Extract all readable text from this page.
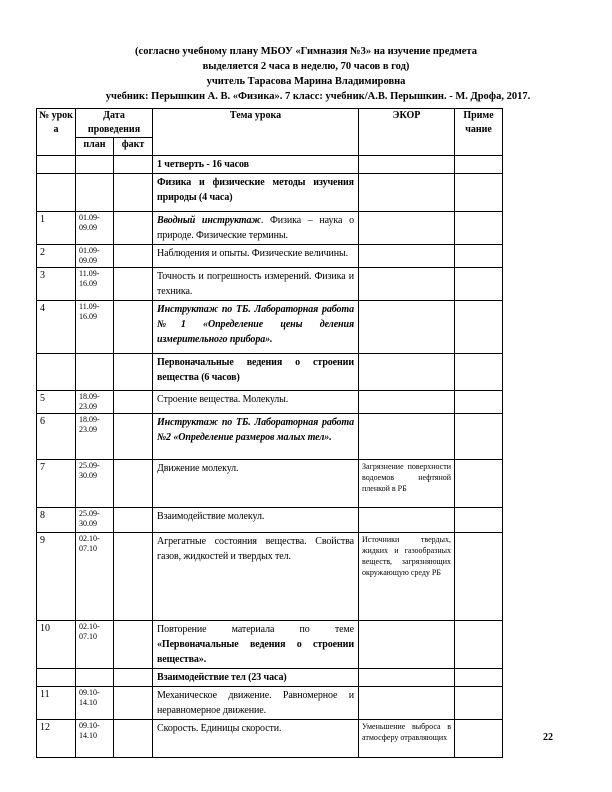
(согласно учебному плану МБОУ «Гимназия №3» на изучение предмета
выделяется 2 часа в неделю, 70 часов в год)
учитель Тарасова Марина Владимировна
учебник: Перышкин А. В. «Физика». 7 класс: учебник/А.В. Перышкин. - М. Дрофа, 2017.
№ урок а	Дата проведения		Тема урока	ЭКОР	Приме чание
	план	факт			
			1 четверть - 16 часов		
			Физика и физические методы изучения природы (4 часа)		
1	01.09-09.09		Вводный инструктаж. Физика – наука о природе. Физические термины.		
2	01.09-09.09		Наблюдения и опыты. Физические величины.		
3	11.09-16.09		Точность и погрешность измерений. Физика и техника.		
4	11.09-16.09		Инструктаж по ТБ. Лабораторная работа №1 «Определение цены деления измерительного прибора».		
			Первоначальные ведения о строении вещества (6 часов)		
5	18.09-23.09		Строение вещества. Молекулы.		
6	18.09-23.09		Инструктаж по ТБ. Лабораторная работа №2 «Определение размеров малых тел».		
7	25.09-30.09		Движение молекул.	Загрязнение поверхности водоемов нефтяной пленкой в РБ	
8	25.09-30.09		Взаимодействие молекул.		
9	02.10-07.10		Агрегатные состояния вещества. Свойства газов, жидкостей и твердых тел.	Источники твердых, жидких и газообразных веществ, загрязняющих окружающую среду РБ	
10	02.10-07.10		Повторение материала по теме «Первоначальные ведения о строении вещества».		
			Взаимодействие тел (23 часа)		
11	09.10-14.10		Механическое движение. Равномерное и неравномерное движение.		
12	09.10-14.10		Скорость. Единицы скорости.	Уменьшение выброса в атмосферу отравляющих		22
